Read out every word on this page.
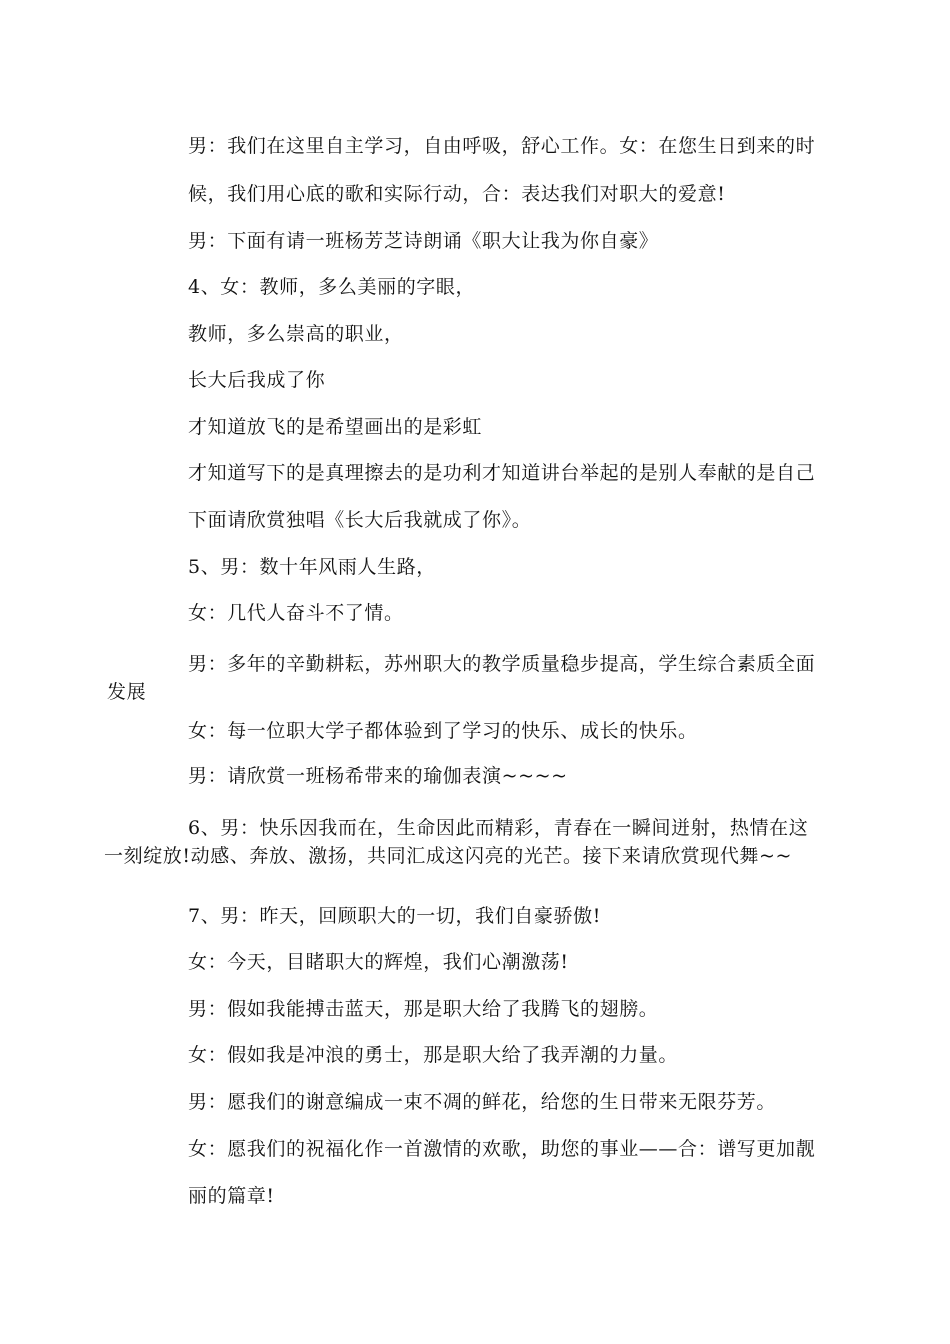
男：我们在这里自主学习，自由呼吸，舒心工作。女：在您生日到来的时
候，我们用心底的歌和实际行动，合：表达我们对职大的爱意!
男：下面有请一班杨芳芝诗朗诵《职大让我为你自豪》
4、女：教师，多么美丽的字眼，
教师，多么崇高的职业，
长大后我成了你
才知道放飞的是希望画出的是彩虹
才知道写下的是真理擦去的是功利才知道讲台举起的是别人奉献的是自己
下面请欣赏独唱《长大后我就成了你》。
5、男：数十年风雨人生路，
女：几代人奋斗不了情。
男：多年的辛勤耕耘，苏州职大的教学质量稳步提高，学生综合素质全面
发展
女：每一位职大学子都体验到了学习的快乐、成长的快乐。
男：请欣赏一班杨希带来的瑜伽表演~~~~
6、男：快乐因我而在，生命因此而精彩，青春在一瞬间迸射，热情在这
一刻绽放!动感、奔放、激扬，共同汇成这闪亮的光芒。接下来请欣赏现代舞~~
7、男：昨天，回顾职大的一切，我们自豪骄傲!
女：今天，目睹职大的辉煌，我们心潮激荡!
男：假如我能搏击蓝天，那是职大给了我腾飞的翅膀。
女：假如我是冲浪的勇士，那是职大给了我弄潮的力量。
男：愿我们的谢意编成一束不凋的鲜花，给您的生日带来无限芬芳。
女：愿我们的祝福化作一首激情的欢歌，助您的事业——合：谱写更加靓
丽的篇章!
